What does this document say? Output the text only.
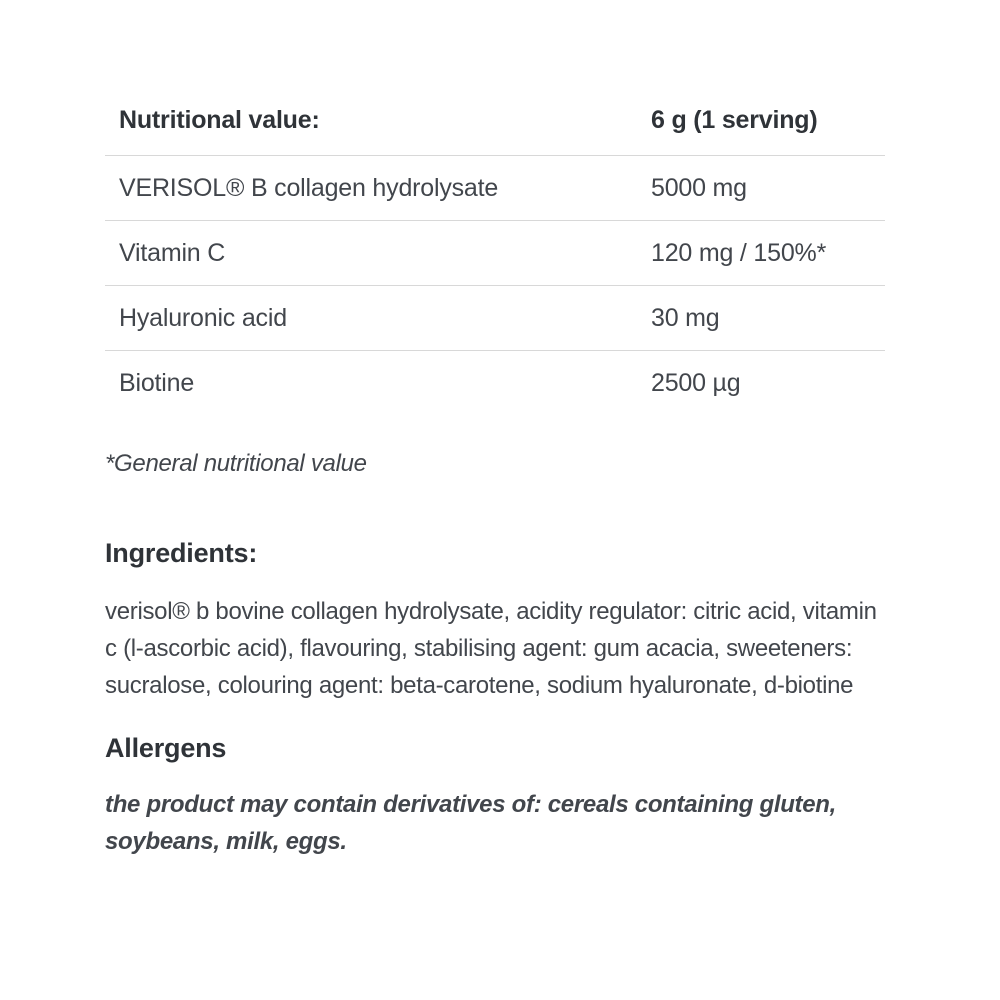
Nutritional value:	6 g (1 serving)
VERISOL® B collagen hydrolysate	5000 mg
Vitamin C	120 mg / 150%*
Hyaluronic acid	30 mg
Biotine	2500 µg

*General nutritional value

Ingredients:

verisol® b bovine collagen hydrolysate, acidity regulator: citric acid, vitamin c (l-ascorbic acid), flavouring, stabilising agent: gum acacia, sweeteners: sucralose, colouring agent: beta-carotene, sodium hyaluronate, d-biotine

Allergens

the product may contain derivatives of: cereals containing gluten, soybeans, milk, eggs.
